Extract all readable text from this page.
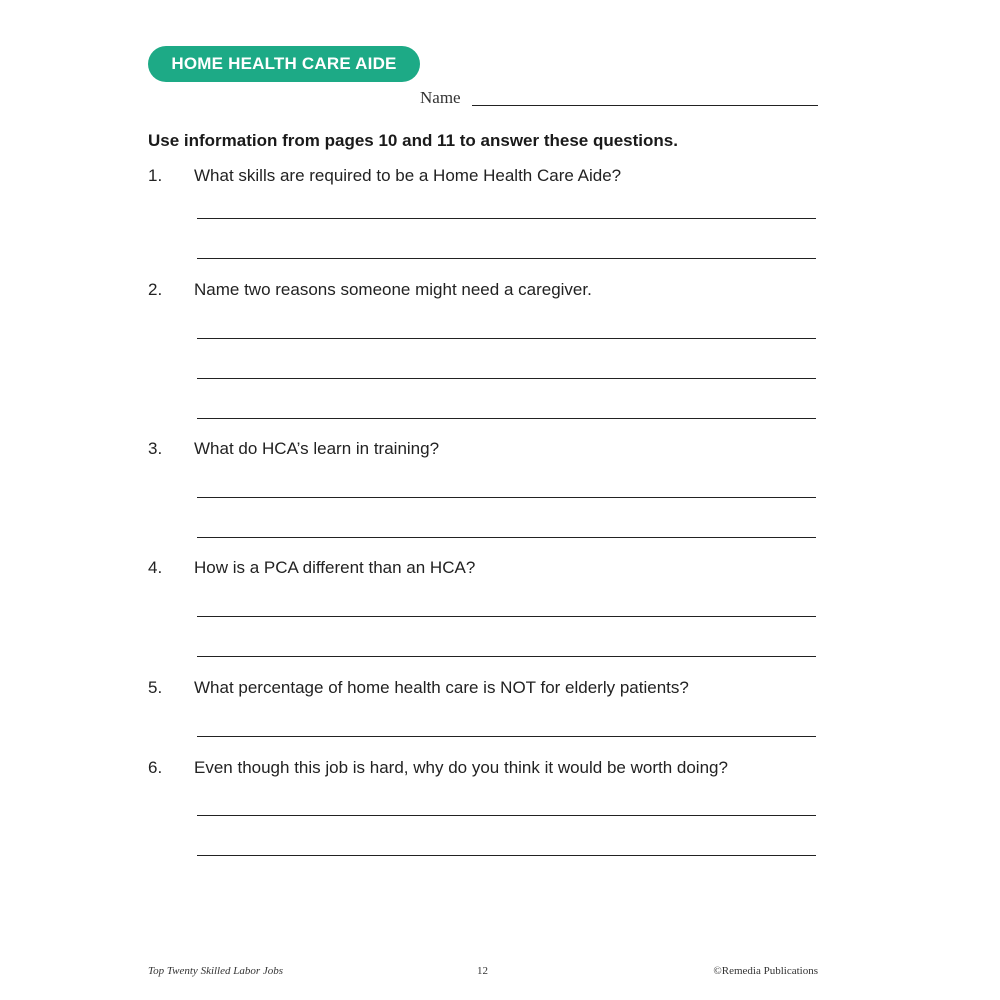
HOME HEALTH CARE AIDE
Name
Use information from pages 10 and 11 to answer these questions.
1. What skills are required to be a Home Health Care Aide?
2. Name two reasons someone might need a caregiver.
3. What do HCA’s learn in training?
4. How is a PCA different than an HCA?
5. What percentage of home health care is NOT for elderly patients?
6. Even though this job is hard, why do you think it would be worth doing?
Top Twenty Skilled Labor Jobs	12	©Remedia Publications
